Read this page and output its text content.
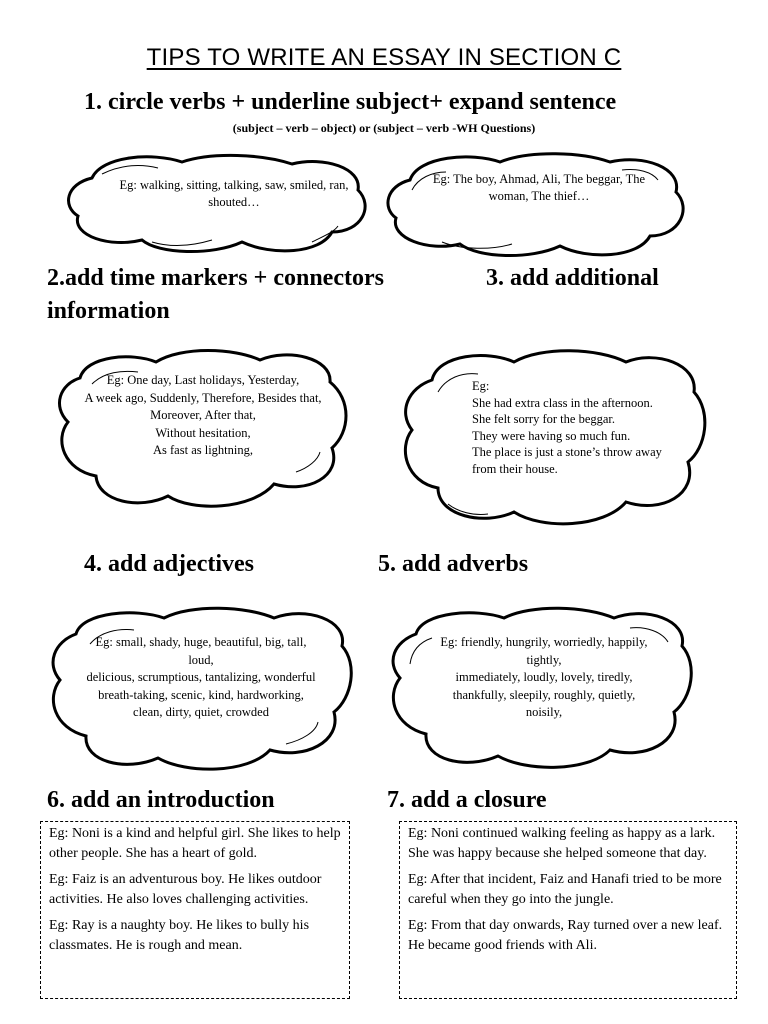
TIPS TO WRITE AN ESSAY IN SECTION C
1. circle verbs + underline subject+ expand sentence
(subject – verb – object) or (subject – verb -WH Questions)
Eg: walking, sitting, talking, saw, smiled, ran, shouted…
Eg: The boy, Ahmad, Ali, The beggar, The woman, The thief…
2.add time markers + connectors	3. add additional
information
Eg: One day, Last holidays, Yesterday,
A week ago, Suddenly, Therefore, Besides that,
Moreover, After that,
Without hesitation,
As fast as lightning,
Eg:
She had extra class in the afternoon.
She felt sorry for the beggar.
They were having so much fun.
The place is just a stone’s throw away
from their house.
4. add adjectives	5. add adverbs
Eg: small, shady, huge, beautiful, big, tall,
loud,
delicious, scrumptious, tantalizing, wonderful
breath-taking, scenic, kind, hardworking,
clean, dirty, quiet, crowded
Eg: friendly, hungrily, worriedly, happily,
tightly,
immediately, loudly, lovely, tiredly,
thankfully, sleepily, roughly, quietly,
noisily,
6. add an introduction	7. add a closure

Eg: Noni is a kind and helpful girl. She likes to help other people. She has a heart of gold.

Eg: Faiz is an adventurous boy. He likes outdoor activities. He also loves challenging activities.

Eg: Ray is a naughty boy. He likes to bully his classmates. He is rough and mean.

Eg: Noni continued walking feeling as happy as a lark. She was happy because she helped someone that day.

Eg: After that incident, Faiz and Hanafi tried to be more careful when they go into the jungle.

Eg: From that day onwards, Ray turned over a new leaf. He became good friends with Ali.
